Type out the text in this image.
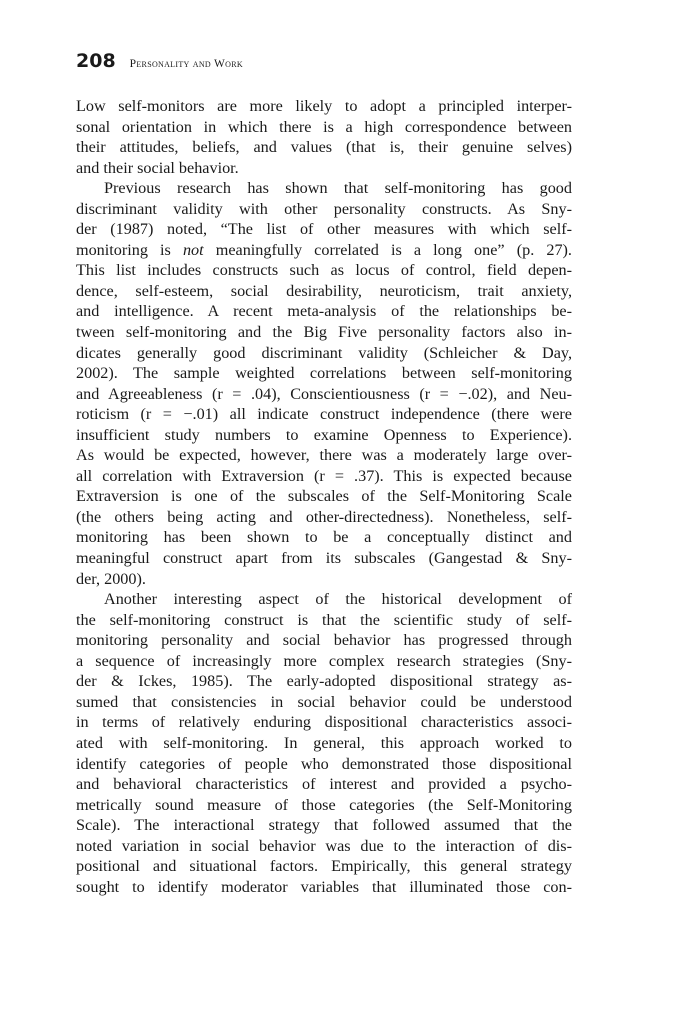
208 Personality and Work
Low self-monitors are more likely to adopt a principled interper-
sonal orientation in which there is a high correspondence between
their attitudes, beliefs, and values (that is, their genuine selves)
and their social behavior.
Previous research has shown that self-monitoring has good
discriminant validity with other personality constructs. As Sny-
der (1987) noted, “The list of other measures with which self-
monitoring is not meaningfully correlated is a long one” (p. 27).
This list includes constructs such as locus of control, field depen-
dence, self-esteem, social desirability, neuroticism, trait anxiety,
and intelligence. A recent meta-analysis of the relationships be-
tween self-monitoring and the Big Five personality factors also in-
dicates generally good discriminant validity (Schleicher & Day,
2002). The sample weighted correlations between self-monitoring
and Agreeableness (r = .04), Conscientiousness (r = −.02), and Neu-
roticism (r = −.01) all indicate construct independence (there were
insufficient study numbers to examine Openness to Experience).
As would be expected, however, there was a moderately large over-
all correlation with Extraversion (r = .37). This is expected because
Extraversion is one of the subscales of the Self-Monitoring Scale
(the others being acting and other-directedness). Nonetheless, self-
monitoring has been shown to be a conceptually distinct and
meaningful construct apart from its subscales (Gangestad & Sny-
der, 2000).
Another interesting aspect of the historical development of
the self-monitoring construct is that the scientific study of self-
monitoring personality and social behavior has progressed through
a sequence of increasingly more complex research strategies (Sny-
der & Ickes, 1985). The early-adopted dispositional strategy as-
sumed that consistencies in social behavior could be understood
in terms of relatively enduring dispositional characteristics associ-
ated with self-monitoring. In general, this approach worked to
identify categories of people who demonstrated those dispositional
and behavioral characteristics of interest and provided a psycho-
metrically sound measure of those categories (the Self-Monitoring
Scale). The interactional strategy that followed assumed that the
noted variation in social behavior was due to the interaction of dis-
positional and situational factors. Empirically, this general strategy
sought to identify moderator variables that illuminated those con-
